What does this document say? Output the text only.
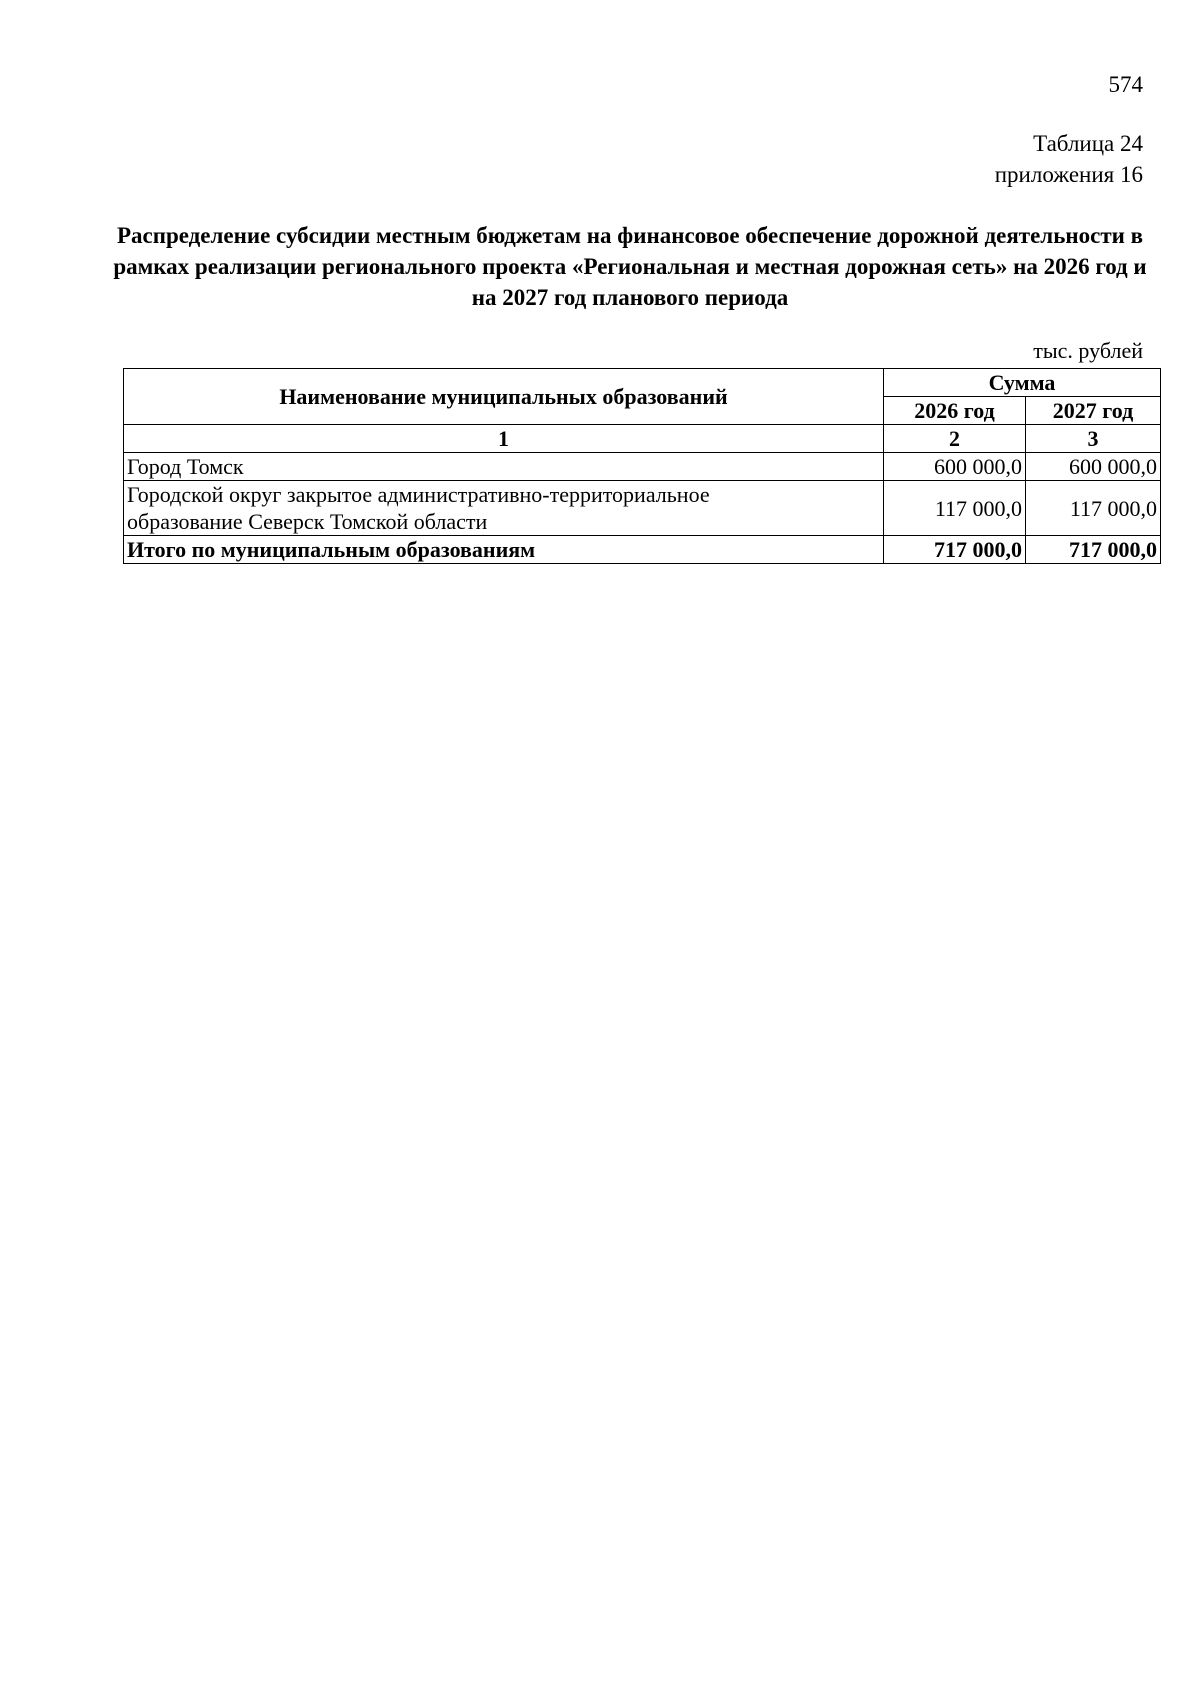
574
Таблица 24
приложения 16
Распределение субсидии местным бюджетам на финансовое обеспечение дорожной деятельности в рамках реализации регионального проекта «Региональная и местная дорожная сеть» на 2026 год и на 2027 год планового периода
тыс. рублей
Наименование муниципальных образований	Сумма	
	2026 год	2027 год
1	2	3
Город Томск	600 000,0	600 000,0

Городской округ закрытое административно-территориальное
образование Северск Томской области	117 000,0	117 000,0
Итого по муниципальным образованиям	717 000,0	717 000,0
